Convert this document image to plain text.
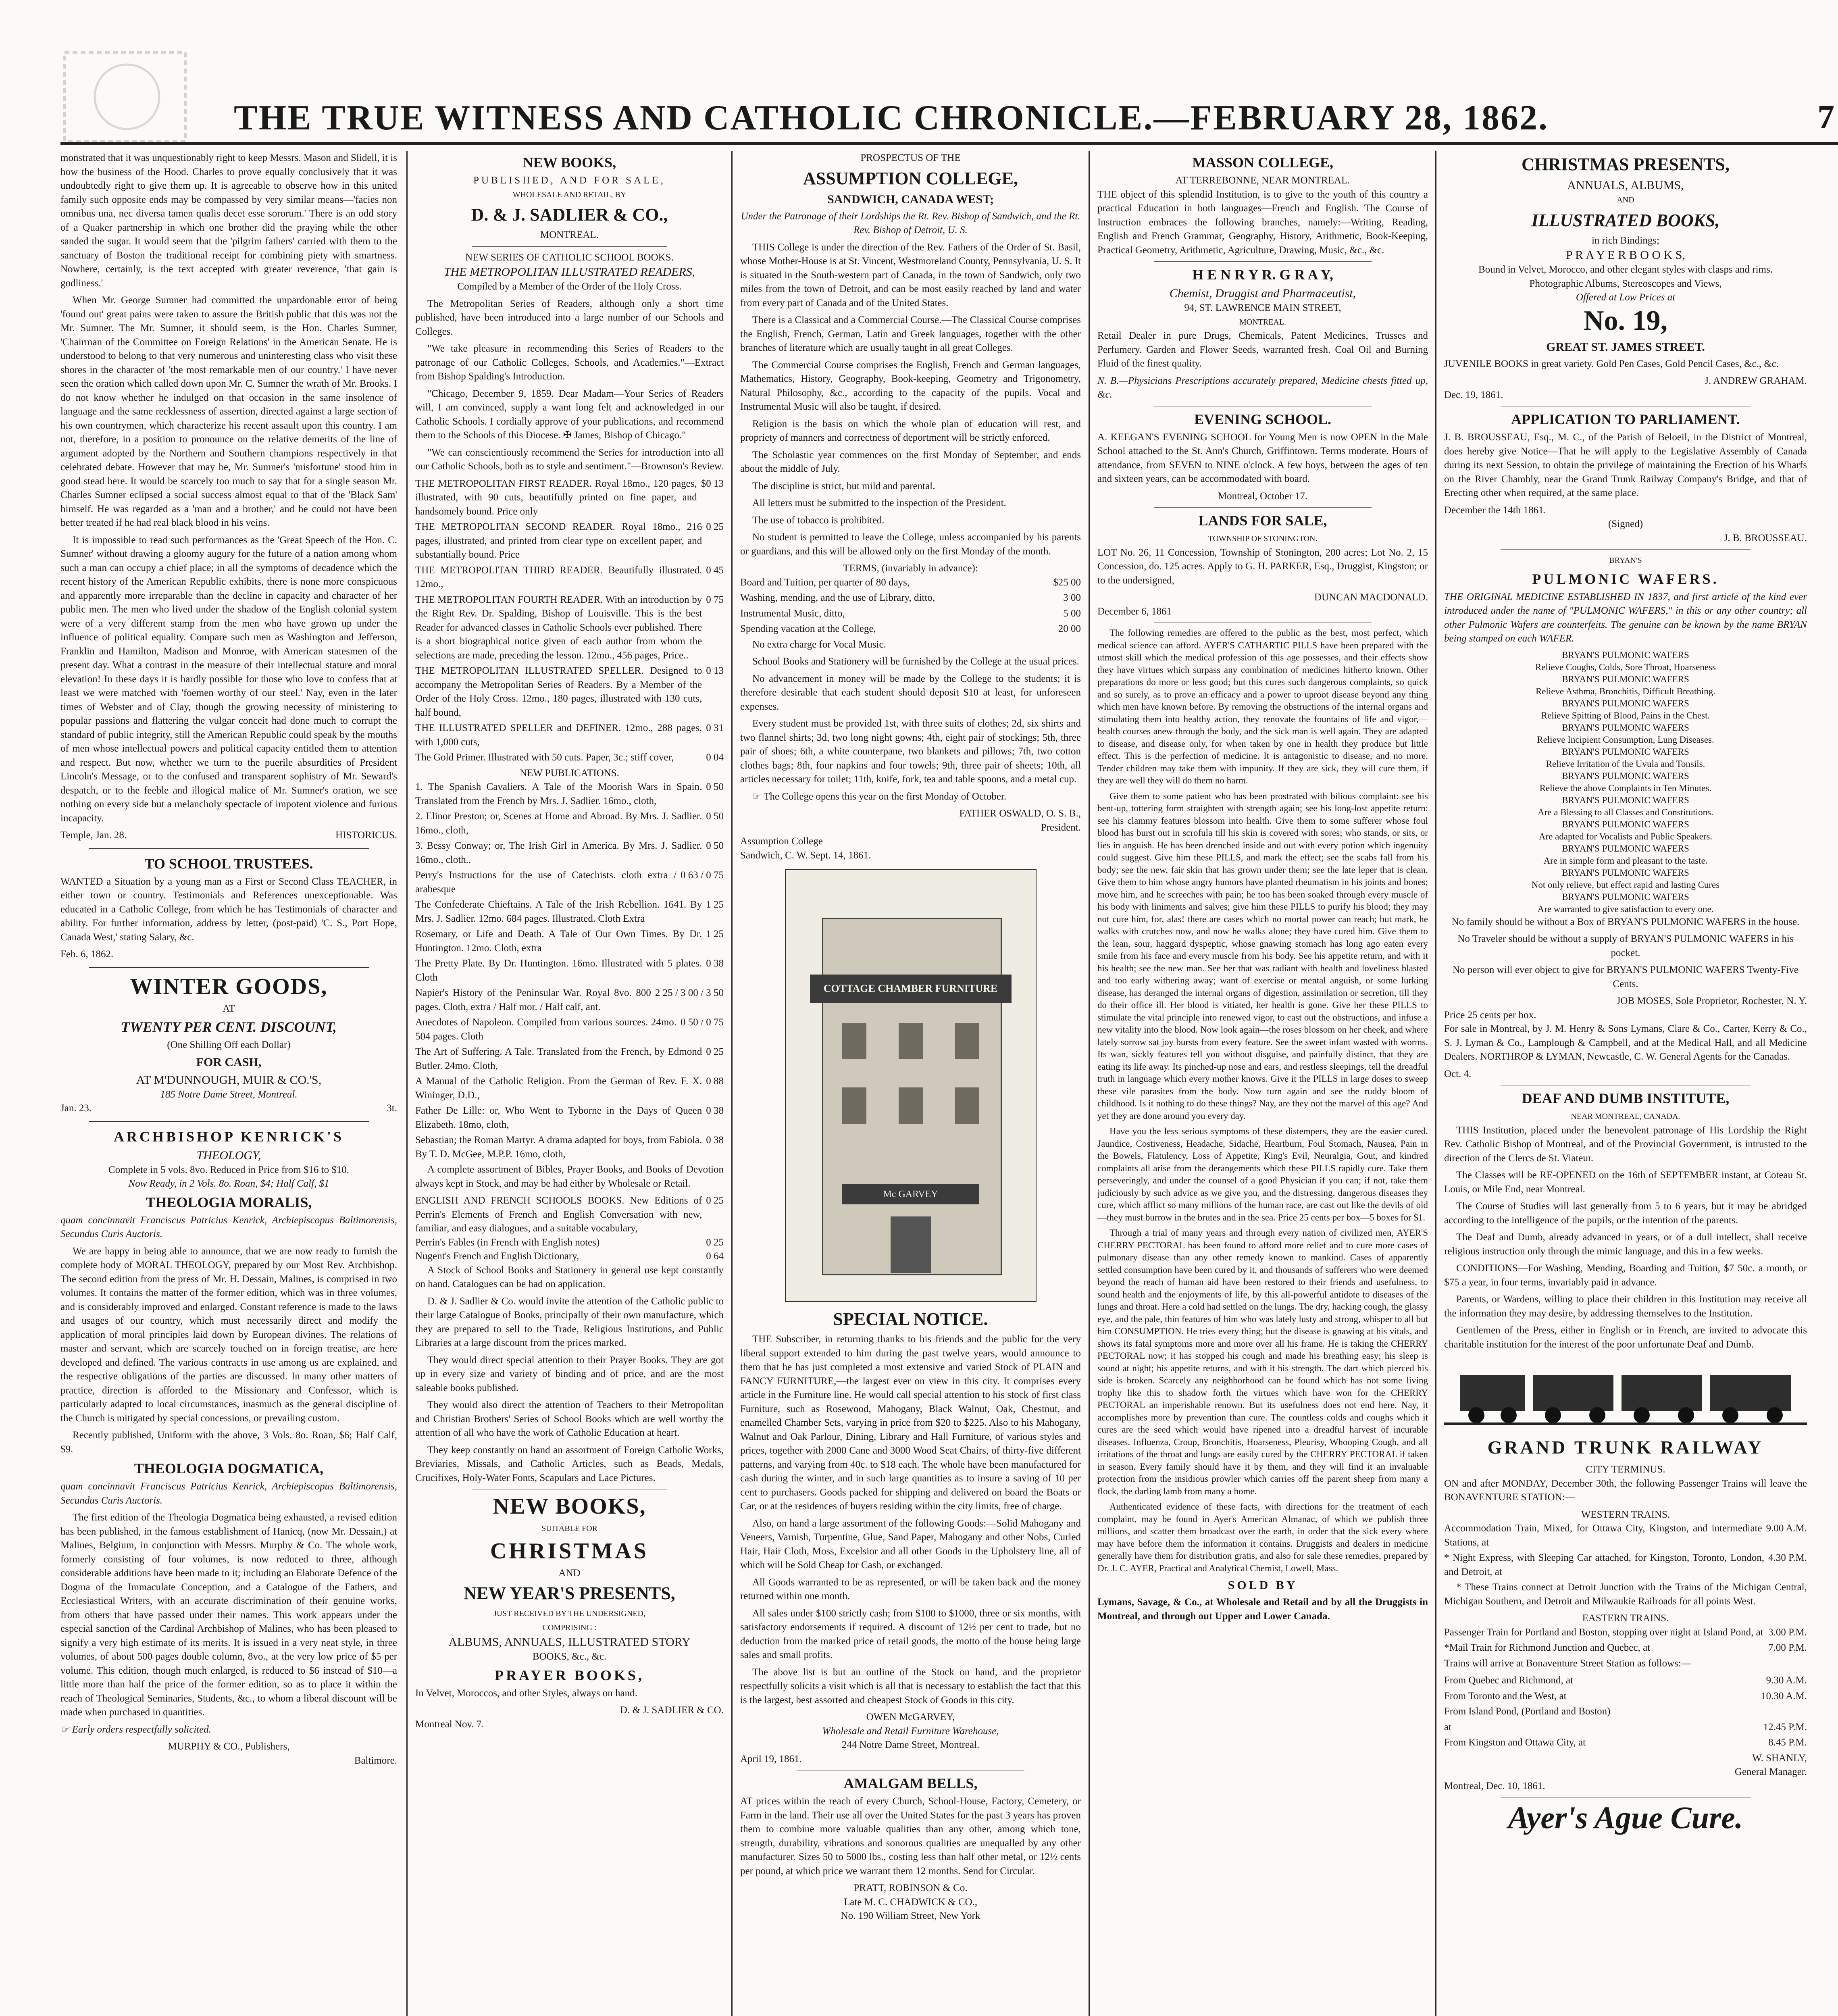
THE TRUE WITNESS AND CATHOLIC CHRONICLE.—FEBRUARY 28, 1862.	7

monstrated that it was unquestionably right to keep Messrs. Mason and Slidell, it is how the business of the Hood. Charles to prove equally conclusively that it was undoubtedly right to give them up. It is agreeable to observe how in this united family such opposite ends may be compassed by very similar means—'facies non omnibus una, nec diversa tamen qualis decet esse sororum.' There is an odd story of a Quaker partnership in which one brother did the praying while the other sanded the sugar. It would seem that the 'pilgrim fathers' carried with them to the sanctuary of Boston the traditional receipt for combining piety with smartness. Nowhere, certainly, is the text accepted with greater reverence, 'that gain is godliness.'

When Mr. George Sumner had committed the unpardonable error of being 'found out' great pains were taken to assure the British public that this was not the Mr. Sumner. The Mr. Sumner, it should seem, is the Hon. Charles Sumner, 'Chairman of the Committee on Foreign Relations' in the American Senate. He is understood to belong to that very numerous and uninteresting class who visit these shores in the character of 'the most remarkable men of our country.' I have never seen the oration which called down upon Mr. C. Sumner the wrath of Mr. Brooks. I do not know whether he indulged on that occasion in the same insolence of language and the same recklessness of assertion, directed against a large section of his own countrymen, which characterize his recent assault upon this country. I am not, therefore, in a position to pronounce on the relative demerits of the line of argument adopted by the Northern and Southern champions respectively in that celebrated debate. However that may be, Mr. Sumner's 'misfortune' stood him in good stead here. It would be scarcely too much to say that for a single season Mr. Charles Sumner eclipsed a social success almost equal to that of the 'Black Sam' himself. He was regarded as a 'man and a brother,' and he could not have been better treated if he had real black blood in his veins.

It is impossible to read such performances as the 'Great Speech of the Hon. C. Sumner' without drawing a gloomy augury for the future of a nation among whom such a man can occupy a chief place; in all the symptoms of decadence which the recent history of the American Republic exhibits, there is none more conspicuous and apparently more irreparable than the decline in capacity and character of her public men. The men who lived under the shadow of the English colonial system were of a very different stamp from the men who have grown up under the influence of political equality. Compare such men as Washington and Jefferson, Franklin and Hamilton, Madison and Monroe, with American statesmen of the present day. What a contrast in the measure of their intellectual stature and moral elevation! In these days it is hardly possible for those who love to confess that at least we were matched with 'foemen worthy of our steel.' Nay, even in the later times of Webster and of Clay, though the growing necessity of ministering to popular passions and flattering the vulgar conceit had done much to corrupt the standard of public integrity, still the American Republic could speak by the mouths of men whose intellectual powers and political capacity entitled them to attention and respect. But now, whether we turn to the puerile absurdities of President Lincoln's Message, or to the confused and transparent sophistry of Mr. Seward's despatch, or to the feeble and illogical malice of Mr. Sumner's oration, we see nothing on every side but a melancholy spectacle of impotent violence and furious incapacity.

Temple, Jan. 28.	HISTORICUS.
TO SCHOOL TRUSTEES.

WANTED a Situation by a young man as a First or Second Class TEACHER, in either town or country. Testimonials and References unexceptionable. Was educated in a Catholic College, from which he has Testimonials of character and ability. For further information, address by letter, (post-paid) 'C. S., Port Hope, Canada West,' stating Salary, &c.

Feb. 6, 1862.

WINTER GOODS,
AT
TWENTY PER CENT. DISCOUNT,
(One Shilling Off each Dollar)
FOR CASH,
AT M'DUNNOUGH, MUIR & CO.'S,
185 Notre Dame Street, Montreal.
Jan. 23.	3t.
ARCHBISHOP KENRICK'S
THEOLOGY,
Complete in 5 vols. 8vo. Reduced in Price from $16 to $10.
Now Ready, in 2 Vols. 8o. Roan, $4; Half Calf, $1
THEOLOGIA MORALIS,

quam concinnavit Franciscus Patricius Kenrick, Archiepiscopus Baltimorensis, Secundus Curis Auctoris.

We are happy in being able to announce, that we are now ready to furnish the complete body of MORAL THEOLOGY, prepared by our Most Rev. Archbishop. The second edition from the press of Mr. H. Dessain, Malines, is comprised in two volumes. It contains the matter of the former edition, which was in three volumes, and is considerably improved and enlarged. Constant reference is made to the laws and usages of our country, which must necessarily direct and modify the application of moral principles laid down by European divines. The relations of master and servant, which are scarcely touched on in foreign treatise, are here developed and defined. The various contracts in use among us are explained, and the respective obligations of the parties are discussed. In many other matters of practice, direction is afforded to the Missionary and Confessor, which is particularly adapted to local circumstances, inasmuch as the general discipline of the Church is mitigated by special concessions, or prevailing custom.

Recently published, Uniform with the above, 3 Vols. 8o. Roan, $6; Half Calf, $9.

THEOLOGIA DOGMATICA,

quam concinnavit Franciscus Patricius Kenrick, Archiepiscopus Baltimorensis, Secundus Curis Auctoris.

The first edition of the Theologia Dogmatica being exhausted, a revised edition has been published, in the famous establishment of Hanicq, (now Mr. Dessain,) at Malines, Belgium, in conjunction with Messrs. Murphy & Co. The whole work, formerly consisting of four volumes, is now reduced to three, although considerable additions have been made to it; including an Elaborate Defence of the Dogma of the Immaculate Conception, and a Catalogue of the Fathers, and Ecclesiastical Writers, with an accurate discrimination of their genuine works, from others that have passed under their names. This work appears under the especial sanction of the Cardinal Archbishop of Malines, who has been pleased to signify a very high estimate of its merits. It is issued in a very neat style, in three volumes, of about 500 pages double column, 8vo., at the very low price of $5 per volume. This edition, though much enlarged, is reduced to $6 instead of $10—a little more than half the price of the former edition, so as to place it within the reach of Theological Seminaries, Students, &c., to whom a liberal discount will be made when purchased in quantities.

☞ Early orders respectfully solicited.

MURPHY & CO., Publishers,
Baltimore.
NEW BOOKS,
PUBLISHED, AND FOR SALE,
WHOLESALE AND RETAIL, BY
D. & J. SADLIER & CO.,
MONTREAL.
NEW SERIES OF CATHOLIC SCHOOL BOOKS.
THE METROPOLITAN ILLUSTRATED READERS,

Compiled by a Member of the Order of the Holy Cross.

The Metropolitan Series of Readers, although only a short time published, have been introduced into a large number of our Schools and Colleges.

"We take pleasure in recommending this Series of Readers to the patronage of our Catholic Colleges, Schools, and Academies."—Extract from Bishop Spalding's Introduction.

"Chicago, December 9, 1859. Dear Madam—Your Series of Readers will, I am convinced, supply a want long felt and acknowledged in our Catholic Schools. I cordially approve of your publications, and recommend them to the Schools of this Diocese. ✠ James, Bishop of Chicago."

"We can conscientiously recommend the Series for introduction into all our Catholic Schools, both as to style and sentiment."—Brownson's Review.

THE METROPOLITAN FIRST READER. Royal 18mo., 120 pages, illustrated, with 90 cuts, beautifully printed on fine paper, and handsomely bound. Price only
$0 13
THE METROPOLITAN SECOND READER. Royal 18mo., 216 pages, illustrated, and printed from clear type on excellent paper, and substantially bound. Price
0 25
THE METROPOLITAN THIRD READER. Beautifully illustrated. 12mo.,
0 45
THE METROPOLITAN FOURTH READER. With an introduction by the Right Rev. Dr. Spalding, Bishop of Louisville. This is the best Reader for advanced classes in Catholic Schools ever published. There is a short biographical notice given of each author from whom the selections are made, preceding the lesson. 12mo., 456 pages, Price..
0 75
THE METROPOLITAN ILLUSTRATED SPELLER. Designed to accompany the Metropolitan Series of Readers. By a Member of the Order of the Holy Cross. 12mo., 180 pages, illustrated with 130 cuts, half bound,
0 13
THE ILLUSTRATED SPELLER and DEFINER. 12mo., 288 pages, with 1,000 cuts,
0 31
The Gold Primer. Illustrated with 50 cuts. Paper, 3c.; stiff cover,	0 04
NEW PUBLICATIONS.
1. The Spanish Cavaliers. A Tale of the Moorish Wars in Spain. Translated from the French by Mrs. J. Sadlier. 16mo., cloth,
0 50
2. Elinor Preston; or, Scenes at Home and Abroad. By Mrs. J. Sadlier. 16mo., cloth,
0 50
3. Bessy Conway; or, The Irish Girl in America. By Mrs. J. Sadlier. 16mo., cloth..
0 50
Perry's Instructions for the use of Catechists. cloth extra / arabesque
0 63 / 0 75
The Confederate Chieftains. A Tale of the Irish Rebellion. 1641. By Mrs. J. Sadlier. 12mo. 684 pages. Illustrated. Cloth Extra
1 25
Rosemary, or Life and Death. A Tale of Our Own Times. By Dr. Huntington. 12mo. Cloth, extra
1 25
The Pretty Plate. By Dr. Huntington. 16mo. Illustrated with 5 plates. Cloth
0 38
Napier's History of the Peninsular War. Royal 8vo. 800 pages. Cloth, extra / Half mor. / Half calf, ant.
2 25 / 3 00 / 3 50
Anecdotes of Napoleon. Compiled from various sources. 24mo. 504 pages. Cloth
0 50 / 0 75
The Art of Suffering. A Tale. Translated from the French, by Edmond Butler. 24mo. Cloth,
0 25
A Manual of the Catholic Religion. From the German of Rev. F. X. Wininger, D.D.,
0 88
Father De Lille: or, Who Went to Tyborne in the Days of Queen Elizabeth. 18mo, cloth,
0 38
Sebastian; the Roman Martyr. A drama adapted for boys, from Fabiola. By T. D. McGee, M.P.P. 16mo, cloth,
0 38

A complete assortment of Bibles, Prayer Books, and Books of Devotion always kept in Stock, and may be had either by Wholesale or Retail.

ENGLISH AND FRENCH SCHOOLS BOOKS. New Editions of Perrin's Elements of French and English Conversation with new, familiar, and easy dialogues, and a suitable vocabulary,
0 25
Perrin's Fables (in French with English notes)	0 25
Nugent's French and English Dictionary,	0 64

A Stock of School Books and Stationery in general use kept constantly on hand. Catalogues can be had on application.

D. & J. Sadlier & Co. would invite the attention of the Catholic public to their large Catalogue of Books, principally of their own manufacture, which they are prepared to sell to the Trade, Religious Institutions, and Public Libraries at a large discount from the prices marked.

They would direct special attention to their Prayer Books. They are got up in every size and variety of binding and of price, and are the most saleable books published.

They would also direct the attention of Teachers to their Metropolitan and Christian Brothers' Series of School Books which are well worthy the attention of all who have the work of Catholic Education at heart.

They keep constantly on hand an assortment of Foreign Catholic Works, Breviaries, Missals, and Catholic Articles, such as Beads, Medals, Crucifixes, Holy-Water Fonts, Scapulars and Lace Pictures.

NEW BOOKS,
SUITABLE FOR
CHRISTMAS
AND
NEW YEAR'S PRESENTS,
JUST RECEIVED BY THE UNDERSIGNED,
COMPRISING :
ALBUMS, ANNUALS, ILLUSTRATED STORY
BOOKS, &c., &c.
PRAYER BOOKS,

In Velvet, Moroccos, and other Styles, always on hand.

D. & J. SADLIER & CO.
Montreal Nov. 7.
PROSPECTUS OF THE
ASSUMPTION COLLEGE,
SANDWICH, CANADA WEST;

Under the Patronage of their Lordships the Rt. Rev. Bishop of Sandwich, and the Rt. Rev. Bishop of Detroit, U. S.

THIS College is under the direction of the Rev. Fathers of the Order of St. Basil, whose Mother-House is at St. Vincent, Westmoreland County, Pennsylvania, U. S. It is situated in the South-western part of Canada, in the town of Sandwich, only two miles from the town of Detroit, and can be most easily reached by land and water from every part of Canada and of the United States.

There is a Classical and a Commercial Course.—The Classical Course comprises the English, French, German, Latin and Greek languages, together with the other branches of literature which are usually taught in all great Colleges.

The Commercial Course comprises the English, French and German languages, Mathematics, History, Geography, Book-keeping, Geometry and Trigonometry, Natural Philosophy, &c., according to the capacity of the pupils. Vocal and Instrumental Music will also be taught, if desired.

Religion is the basis on which the whole plan of education will rest, and propriety of manners and correctness of deportment will be strictly enforced.

The Scholastic year commences on the first Monday of September, and ends about the middle of July.

The discipline is strict, but mild and parental.

All letters must be submitted to the inspection of the President.

The use of tobacco is prohibited.

No student is permitted to leave the College, unless accompanied by his parents or guardians, and this will be allowed only on the first Monday of the month.

TERMS, (invariably in advance):
Board and Tuition, per quarter of 80 days,	$25 00
Washing, mending, and the use of Library, ditto,	3 00
Instrumental Music, ditto,	5 00
Spending vacation at the College,	20 00

No extra charge for Vocal Music.

School Books and Stationery will be furnished by the College at the usual prices.

No advancement in money will be made by the College to the students; it is therefore desirable that each student should deposit $10 at least, for unforeseen expenses.

Every student must be provided 1st, with three suits of clothes; 2d, six shirts and two flannel shirts; 3d, two long night gowns; 4th, eight pair of stockings; 5th, three pair of shoes; 6th, a white counterpane, two blankets and pillows; 7th, two cotton clothes bags; 8th, four napkins and four towels; 9th, three pair of sheets; 10th, all articles necessary for toilet; 11th, knife, fork, tea and table spoons, and a metal cup.

☞ The College opens this year on the first Monday of October.

FATHER OSWALD, O. S. B.,
President.
Assumption College
Sandwich, C. W. Sept. 14, 1861.
COTTAGE CHAMBER FURNITURE
Mc GARVEY
SPECIAL NOTICE.

THE Subscriber, in returning thanks to his friends and the public for the very liberal support extended to him during the past twelve years, would announce to them that he has just completed a most extensive and varied Stock of PLAIN and FANCY FURNITURE,—the largest ever on view in this city. It comprises every article in the Furniture line. He would call special attention to his stock of first class Furniture, such as Rosewood, Mahogany, Black Walnut, Oak, Chestnut, and enamelled Chamber Sets, varying in price from $20 to $225. Also to his Mahogany, Walnut and Oak Parlour, Dining, Library and Hall Furniture, of various styles and prices, together with 2000 Cane and 3000 Wood Seat Chairs, of thirty-five different patterns, and varying from 40c. to $18 each. The whole have been manufactured for cash during the winter, and in such large quantities as to insure a saving of 10 per cent to purchasers. Goods packed for shipping and delivered on board the Boats or Car, or at the residences of buyers residing within the city limits, free of charge.

Also, on hand a large assortment of the following Goods:—Solid Mahogany and Veneers, Varnish, Turpentine, Glue, Sand Paper, Mahogany and other Nobs, Curled Hair, Hair Cloth, Moss, Excelsior and all other Goods in the Upholstery line, all of which will be Sold Cheap for Cash, or exchanged.

All Goods warranted to be as represented, or will be taken back and the money returned within one month.

All sales under $100 strictly cash; from $100 to $1000, three or six months, with satisfactory endorsements if required. A discount of 12½ per cent to trade, but no deduction from the marked price of retail goods, the motto of the house being large sales and small profits.

The above list is but an outline of the Stock on hand, and the proprietor respectfully solicits a visit which is all that is necessary to establish the fact that this is the largest, best assorted and cheapest Stock of Goods in this city.

OWEN McGARVEY,
Wholesale and Retail Furniture Warehouse,
244 Notre Dame Street, Montreal.
April 19, 1861.
AMALGAM BELLS,

AT prices within the reach of every Church, School-House, Factory, Cemetery, or Farm in the land. Their use all over the United States for the past 3 years has proven them to combine more valuable qualities than any other, among which tone, strength, durability, vibrations and sonorous qualities are unequalled by any other manufacturer. Sizes 50 to 5000 lbs., costing less than half other metal, or 12½ cents per pound, at which price we warrant them 12 months. Send for Circular.

PRATT, ROBINSON & Co.
Late M. C. CHADWICK & CO.,
No. 190 William Street, New York
MASSON COLLEGE,
AT TERREBONNE, NEAR MONTREAL.

THE object of this splendid Institution, is to give to the youth of this country a practical Education in both languages—French and English. The Course of Instruction embraces the following branches, namely:—Writing, Reading, English and French Grammar, Geography, History, Arithmetic, Book-Keeping, Practical Geometry, Arithmetic, Agriculture, Drawing, Music, &c., &c.

H E N R Y R. G R A Y,
Chemist, Druggist and Pharmaceutist,
94, ST. LAWRENCE MAIN STREET,
MONTREAL.

Retail Dealer in pure Drugs, Chemicals, Patent Medicines, Trusses and Perfumery. Garden and Flower Seeds, warranted fresh. Coal Oil and Burning Fluid of the finest quality.

N. B.—Physicians Prescriptions accurately prepared, Medicine chests fitted up, &c.

EVENING SCHOOL.

A. KEEGAN'S EVENING SCHOOL for Young Men is now OPEN in the Male School attached to the St. Ann's Church, Griffintown. Terms moderate. Hours of attendance, from SEVEN to NINE o'clock. A few boys, between the ages of ten and sixteen years, can be accommodated with board.

Montreal, October 17.
LANDS FOR SALE,
TOWNSHIP OF STONINGTON.

LOT No. 26, 11 Concession, Township of Stonington, 200 acres; Lot No. 2, 15 Concession, do. 125 acres. Apply to G. H. PARKER, Esq., Druggist, Kingston; or to the undersigned,

DUNCAN MACDONALD.
December 6, 1861

The following remedies are offered to the public as the best, most perfect, which medical science can afford. AYER'S CATHARTIC PILLS have been prepared with the utmost skill which the medical profession of this age possesses, and their effects show they have virtues which surpass any combination of medicines hitherto known. Other preparations do more or less good; but this cures such dangerous complaints, so quick and so surely, as to prove an efficacy and a power to uproot disease beyond any thing which men have known before. By removing the obstructions of the internal organs and stimulating them into healthy action, they renovate the fountains of life and vigor,—health courses anew through the body, and the sick man is well again. They are adapted to disease, and disease only, for when taken by one in health they produce but little effect. This is the perfection of medicine. It is antagonistic to disease, and no more. Tender children may take them with impunity. If they are sick, they will cure them, if they are well they will do them no harm.

Give them to some patient who has been prostrated with bilious complaint: see his bent-up, tottering form straighten with strength again; see his long-lost appetite return: see his clammy features blossom into health. Give them to some sufferer whose foul blood has burst out in scrofula till his skin is covered with sores; who stands, or sits, or lies in anguish. He has been drenched inside and out with every potion which ingenuity could suggest. Give him these PILLS, and mark the effect; see the scabs fall from his body; see the new, fair skin that has grown under them; see the late leper that is clean. Give them to him whose angry humors have planted rheumatism in his joints and bones; move him, and he screeches with pain; he too has been soaked through every muscle of his body with liniments and salves; give him these PILLS to purify his blood; they may not cure him, for, alas! there are cases which no mortal power can reach; but mark, he walks with crutches now, and now he walks alone; they have cured him. Give them to the lean, sour, haggard dyspeptic, whose gnawing stomach has long ago eaten every smile from his face and every muscle from his body. See his appetite return, and with it his health; see the new man. See her that was radiant with health and loveliness blasted and too early withering away; want of exercise or mental anguish, or some lurking disease, has deranged the internal organs of digestion, assimilation or secretion, till they do their office ill. Her blood is vitiated, her health is gone. Give her these PILLS to stimulate the vital principle into renewed vigor, to cast out the obstructions, and infuse a new vitality into the blood. Now look again—the roses blossom on her cheek, and where lately sorrow sat joy bursts from every feature. See the sweet infant wasted with worms. Its wan, sickly features tell you without disguise, and painfully distinct, that they are eating its life away. Its pinched-up nose and ears, and restless sleepings, tell the dreadful truth in language which every mother knows. Give it the PILLS in large doses to sweep these vile parasites from the body. Now turn again and see the ruddy bloom of childhood. Is it nothing to do these things? Nay, are they not the marvel of this age? And yet they are done around you every day.

Have you the less serious symptoms of these distempers, they are the easier cured. Jaundice, Costiveness, Headache, Sidache, Heartburn, Foul Stomach, Nausea, Pain in the Bowels, Flatulency, Loss of Appetite, King's Evil, Neuralgia, Gout, and kindred complaints all arise from the derangements which these PILLS rapidly cure. Take them perseveringly, and under the counsel of a good Physician if you can; if not, take them judiciously by such advice as we give you, and the distressing, dangerous diseases they cure, which afflict so many millions of the human race, are cast out like the devils of old—they must burrow in the brutes and in the sea. Price 25 cents per box—5 boxes for $1.

Through a trial of many years and through every nation of civilized men, AYER'S CHERRY PECTORAL has been found to afford more relief and to cure more cases of pulmonary disease than any other remedy known to mankind. Cases of apparently settled consumption have been cured by it, and thousands of sufferers who were deemed beyond the reach of human aid have been restored to their friends and usefulness, to sound health and the enjoyments of life, by this all-powerful antidote to diseases of the lungs and throat. Here a cold had settled on the lungs. The dry, hacking cough, the glassy eye, and the pale, thin features of him who was lately lusty and strong, whisper to all but him CONSUMPTION. He tries every thing; but the disease is gnawing at his vitals, and shows its fatal symptoms more and more over all his frame. He is taking the CHERRY PECTORAL now; it has stopped his cough and made his breathing easy; his sleep is sound at night; his appetite returns, and with it his strength. The dart which pierced his side is broken. Scarcely any neighborhood can be found which has not some living trophy like this to shadow forth the virtues which have won for the CHERRY PECTORAL an imperishable renown. But its usefulness does not end here. Nay, it accomplishes more by prevention than cure. The countless colds and coughs which it cures are the seed which would have ripened into a dreadful harvest of incurable diseases. Influenza, Croup, Bronchitis, Hoarseness, Pleurisy, Whooping Cough, and all irritations of the throat and lungs are easily cured by the CHERRY PECTORAL if taken in season. Every family should have it by them, and they will find it an invaluable protection from the insidious prowler which carries off the parent sheep from many a flock, the darling lamb from many a home.

Authenticated evidence of these facts, with directions for the treatment of each complaint, may be found in Ayer's American Almanac, of which we publish three millions, and scatter them broadcast over the earth, in order that the sick every where may have before them the information it contains. Druggists and dealers in medicine generally have them for distribution gratis, and also for sale these remedies, prepared by Dr. J. C. AYER, Practical and Analytical Chemist, Lowell, Mass.

SOLD BY

Lymans, Savage, & Co., at Wholesale and Retail and by all the Druggists in Montreal, and through out Upper and Lower Canada.

CHRISTMAS PRESENTS,
ANNUALS, ALBUMS,
AND
ILLUSTRATED BOOKS,
in rich Bindings;
P R A Y E R B O O K S,
Bound in Velvet, Morocco, and other elegant styles with clasps and rims.
Photographic Albums, Stereoscopes and Views,
Offered at Low Prices at
No. 19,
GREAT ST. JAMES STREET.

JUVENILE BOOKS in great variety. Gold Pen Cases, Gold Pencil Cases, &c., &c.

J. ANDREW GRAHAM.
Dec. 19, 1861.
APPLICATION TO PARLIAMENT.

J. B. BROUSSEAU, Esq., M. C., of the Parish of Beloeil, in the District of Montreal, does hereby give Notice—That he will apply to the Legislative Assembly of Canada during its next Session, to obtain the privilege of maintaining the Erection of his Wharfs on the River Chambly, near the Grand Trunk Railway Company's Bridge, and that of Erecting other when required, at the same place.

December the 14th 1861.
(Signed)
J. B. BROUSSEAU.
BRYAN'S
PULMONIC WAFERS.

THE ORIGINAL MEDICINE ESTABLISHED IN 1837, and first article of the kind ever introduced under the name of "PULMONIC WAFERS," in this or any other country; all other Pulmonic Wafers are counterfeits. The genuine can be known by the name BRYAN being stamped on each WAFER.

BRYAN'S PULMONIC WAFERS
Relieve Coughs, Colds, Sore Throat, Hoarseness
BRYAN'S PULMONIC WAFERS
Relieve Asthma, Bronchitis, Difficult Breathing.
BRYAN'S PULMONIC WAFERS
Relieve Spitting of Blood, Pains in the Chest.
BRYAN'S PULMONIC WAFERS
Relieve Incipient Consumption, Lung Diseases.
BRYAN'S PULMONIC WAFERS
Relieve Irritation of the Uvula and Tonsils.
BRYAN'S PULMONIC WAFERS
Relieve the above Complaints in Ten Minutes.
BRYAN'S PULMONIC WAFERS
Are a Blessing to all Classes and Constitutions.
BRYAN'S PULMONIC WAFERS
Are adapted for Vocalists and Public Speakers.
BRYAN'S PULMONIC WAFERS
Are in simple form and pleasant to the taste.
BRYAN'S PULMONIC WAFERS
Not only relieve, but effect rapid and lasting Cures
BRYAN'S PULMONIC WAFERS
Are warranted to give satisfaction to every one.

No family should be without a Box of BRYAN'S PULMONIC WAFERS in the house.

No Traveler should be without a supply of BRYAN'S PULMONIC WAFERS in his pocket.

No person will ever object to give for BRYAN'S PULMONIC WAFERS Twenty-Five Cents.

JOB MOSES, Sole Proprietor, Rochester, N. Y.
Price 25 cents per box.

For sale in Montreal, by J. M. Henry & Sons Lymans, Clare & Co., Carter, Kerry & Co., S. J. Lyman & Co., Lamplough & Campbell, and at the Medical Hall, and all Medicine Dealers. NORTHROP & LYMAN, Newcastle, C. W. General Agents for the Canadas.

Oct. 4.
DEAF AND DUMB INSTITUTE,
NEAR MONTREAL, CANADA.

THIS Institution, placed under the benevolent patronage of His Lordship the Right Rev. Catholic Bishop of Montreal, and of the Provincial Government, is intrusted to the direction of the Clercs de St. Viateur.

The Classes will be RE-OPENED on the 16th of SEPTEMBER instant, at Coteau St. Louis, or Mile End, near Montreal.

The Course of Studies will last generally from 5 to 6 years, but it may be abridged according to the intelligence of the pupils, or the intention of the parents.

The Deaf and Dumb, already advanced in years, or of a dull intellect, shall receive religious instruction only through the mimic language, and this in a few weeks.

CONDITIONS—For Washing, Mending, Boarding and Tuition, $7 50c. a month, or $75 a year, in four terms, invariably paid in advance.

Parents, or Wardens, willing to place their children in this Institution may receive all the information they may desire, by addressing themselves to the Institution.

Gentlemen of the Press, either in English or in French, are invited to advocate this charitable institution for the interest of the poor unfortunate Deaf and Dumb.

GRAND TRUNK RAILWAY
CITY TERMINUS.

ON and after MONDAY, December 30th, the following Passenger Trains will leave the BONAVENTURE STATION:—

WESTERN TRAINS.
Accommodation Train, Mixed, for Ottawa City, Kingston, and intermediate Stations, at
9.00 A.M.
* Night Express, with Sleeping Car attached, for Kingston, Toronto, London, and Detroit, at
4.30 P.M.

* These Trains connect at Detroit Junction with the Trains of the Michigan Central, Michigan Southern, and Detroit and Milwaukie Railroads for all points West.

EASTERN TRAINS.
Passenger Train for Portland and Boston, stopping over night at Island Pond, at 3.00 P.M.
*Mail Train for Richmond Junction and Quebec, at	7.00 P.M.

Trains will arrive at Bonaventure Street Station as follows:—

From Quebec and Richmond, at	9.30 A.M.
From Toronto and the West, at	10.30 A.M.
From Island Pond, (Portland and Boston)
at	12.45 P.M.
From Kingston and Ottawa City, at	8.45 P.M.
W. SHANLY,
General Manager.
Montreal, Dec. 10, 1861.
Ayer's Ague Cure.
